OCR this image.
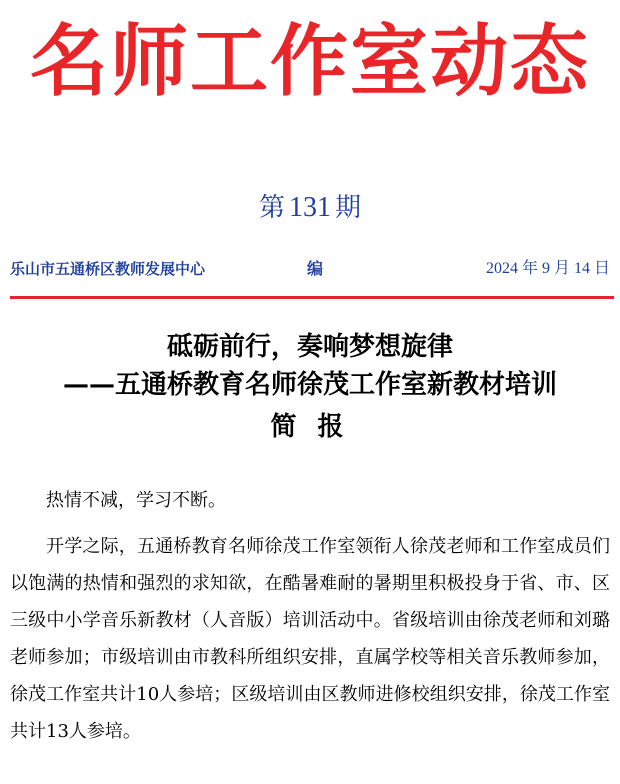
名师工作室动态
第 131 期
乐山市五通桥区教师发展中心	编	2024 年 9 月 14 日
砥砺前行，奏响梦想旋律
——五通桥教育名师徐茂工作室新教材培训
简 报
热情不减，学习不断。
开学之际，五通桥教育名师徐茂工作室领衔人徐茂老师和工作室成员们以饱满的热情和强烈的求知欲，在酷暑难耐的暑期里积极投身于省、市、区三级中小学音乐新教材（人音版）培训活动中。省级培训由徐茂老师和刘璐老师参加；市级培训由市教科所组织安排，直属学校等相关音乐教师参加，徐茂工作室共计10人参培；区级培训由区教师进修校组织安排，徐茂工作室共计13人参培。
